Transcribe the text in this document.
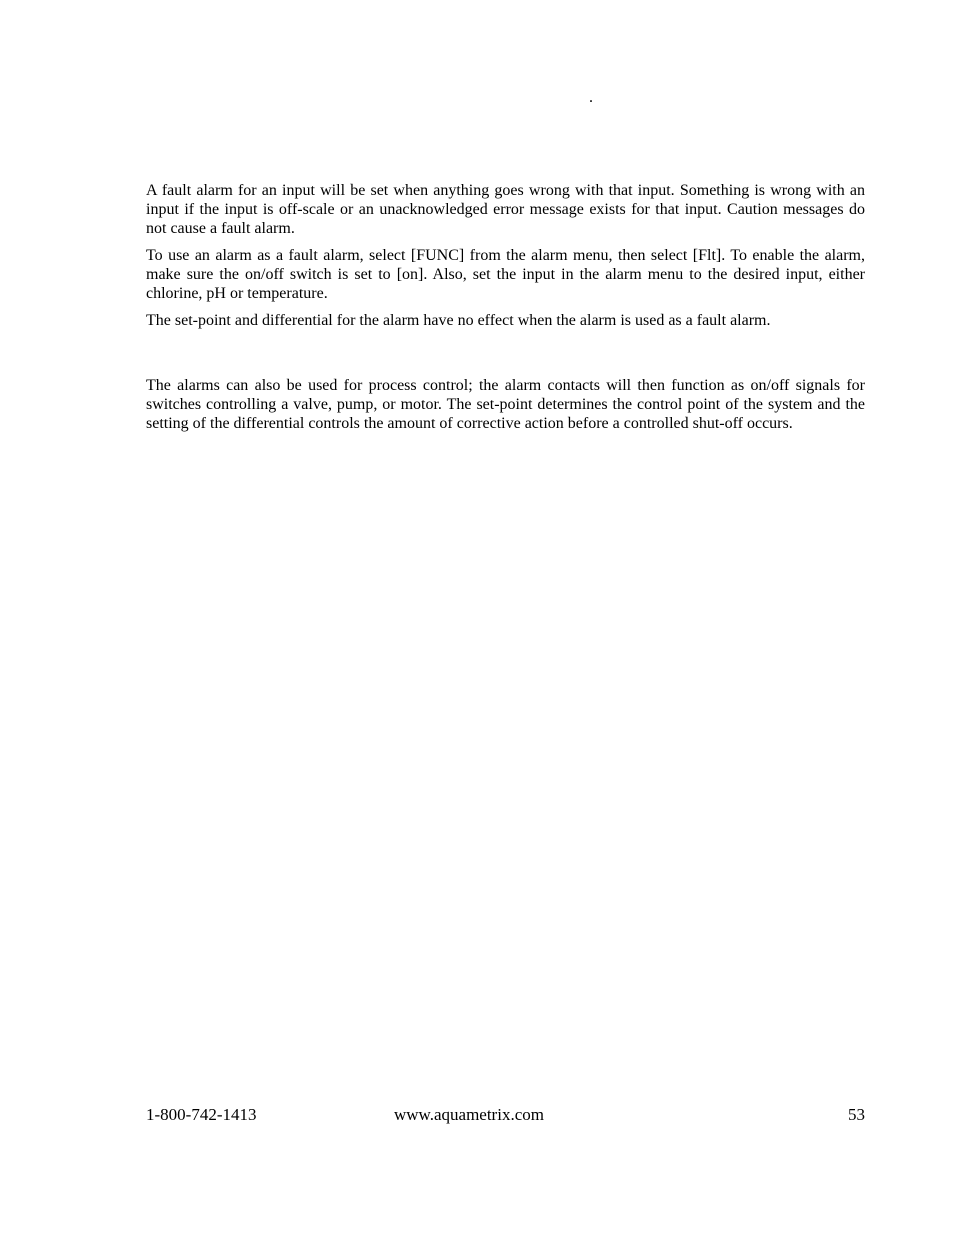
.

A fault alarm for an input will be set when anything goes wrong with that input. Something is wrong with an input if the input is off-scale or an unacknowledged error message exists for that input. Caution messages do not cause a fault alarm.

To use an alarm as a fault alarm, select [FUNC] from the alarm menu, then select [Flt]. To enable the alarm, make sure the on/off switch is set to [on]. Also, set the input in the alarm menu to the desired input, either chlorine, pH or temperature.

The set-point and differential for the alarm have no effect when the alarm is used as a fault alarm.

The alarms can also be used for process control; the alarm contacts will then function as on/off signals for switches controlling a valve, pump, or motor. The set-point determines the control point of the system and the setting of the differential controls the amount of corrective action before a controlled shut-off occurs.

1-800-742-1413	www.aquametrix.com	53
